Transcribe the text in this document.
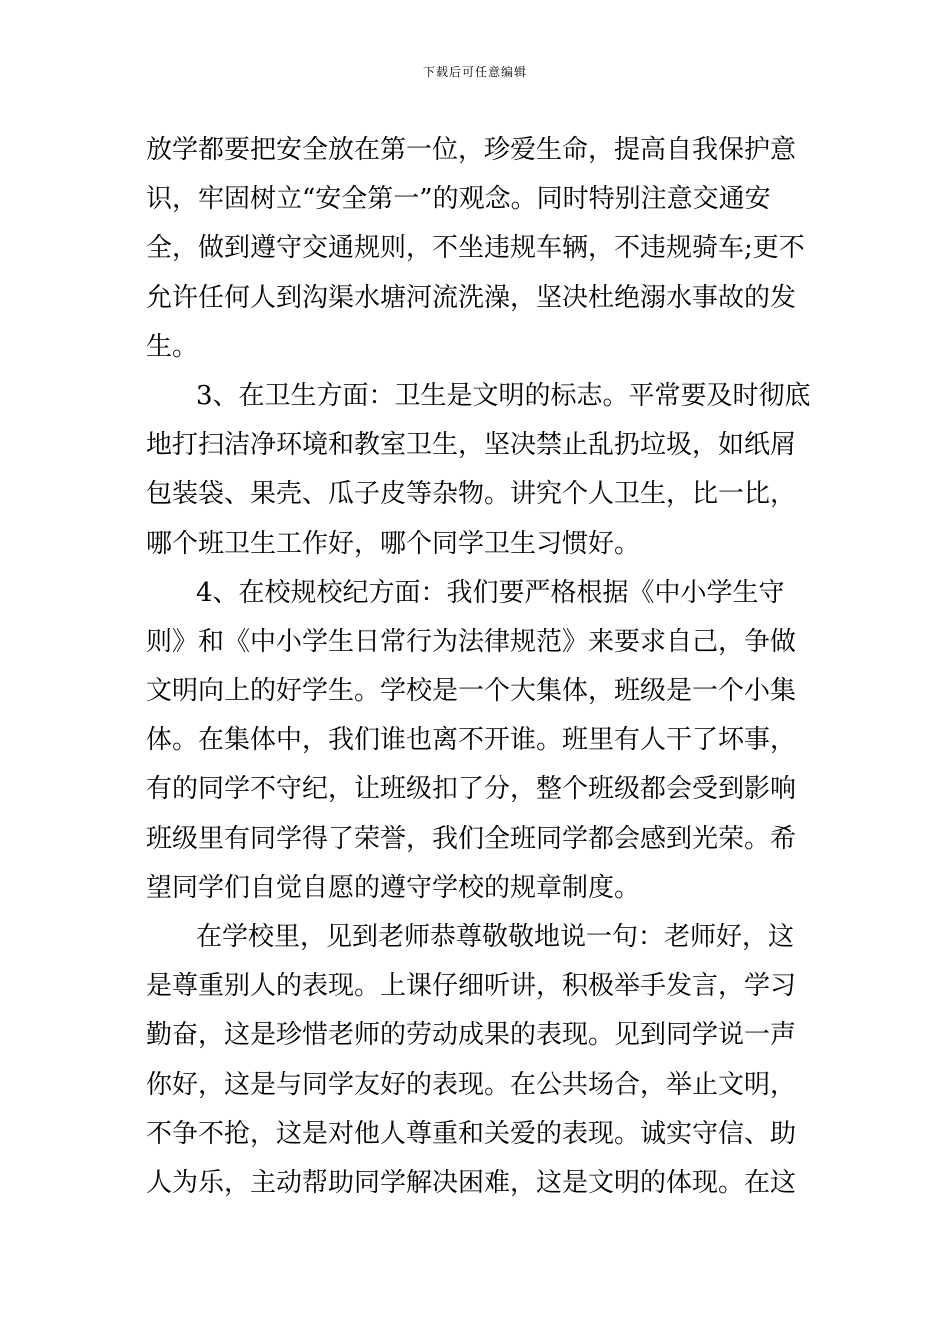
下载后可任意编辑
放学都要把安全放在第一位，珍爱生命，提高自我保护意
识，牢固树立“安全第一”的观念。同时特别注意交通安
全，做到遵守交通规则，不坐违规车辆，不违规骑车;更不
允许任何人到沟渠水塘河流洗澡，坚决杜绝溺水事故的发
生。
3、在卫生方面：卫生是文明的标志。平常要及时彻底
地打扫洁净环境和教室卫生，坚决禁止乱扔垃圾，如纸屑
包装袋、果壳、瓜子皮等杂物。讲究个人卫生，比一比，
哪个班卫生工作好，哪个同学卫生习惯好。
4、在校规校纪方面：我们要严格根据《中小学生守
则》和《中小学生日常行为法律规范》来要求自己，争做
文明向上的好学生。学校是一个大集体，班级是一个小集
体。在集体中，我们谁也离不开谁。班里有人干了坏事，
有的同学不守纪，让班级扣了分，整个班级都会受到影响
班级里有同学得了荣誉，我们全班同学都会感到光荣。希
望同学们自觉自愿的遵守学校的规章制度。
在学校里，见到老师恭尊敬敬地说一句：老师好，这
是尊重别人的表现。上课仔细听讲，积极举手发言，学习
勤奋，这是珍惜老师的劳动成果的表现。见到同学说一声
你好，这是与同学友好的表现。在公共场合，举止文明，
不争不抢，这是对他人尊重和关爱的表现。诚实守信、助
人为乐，主动帮助同学解决困难，这是文明的体现。在这
